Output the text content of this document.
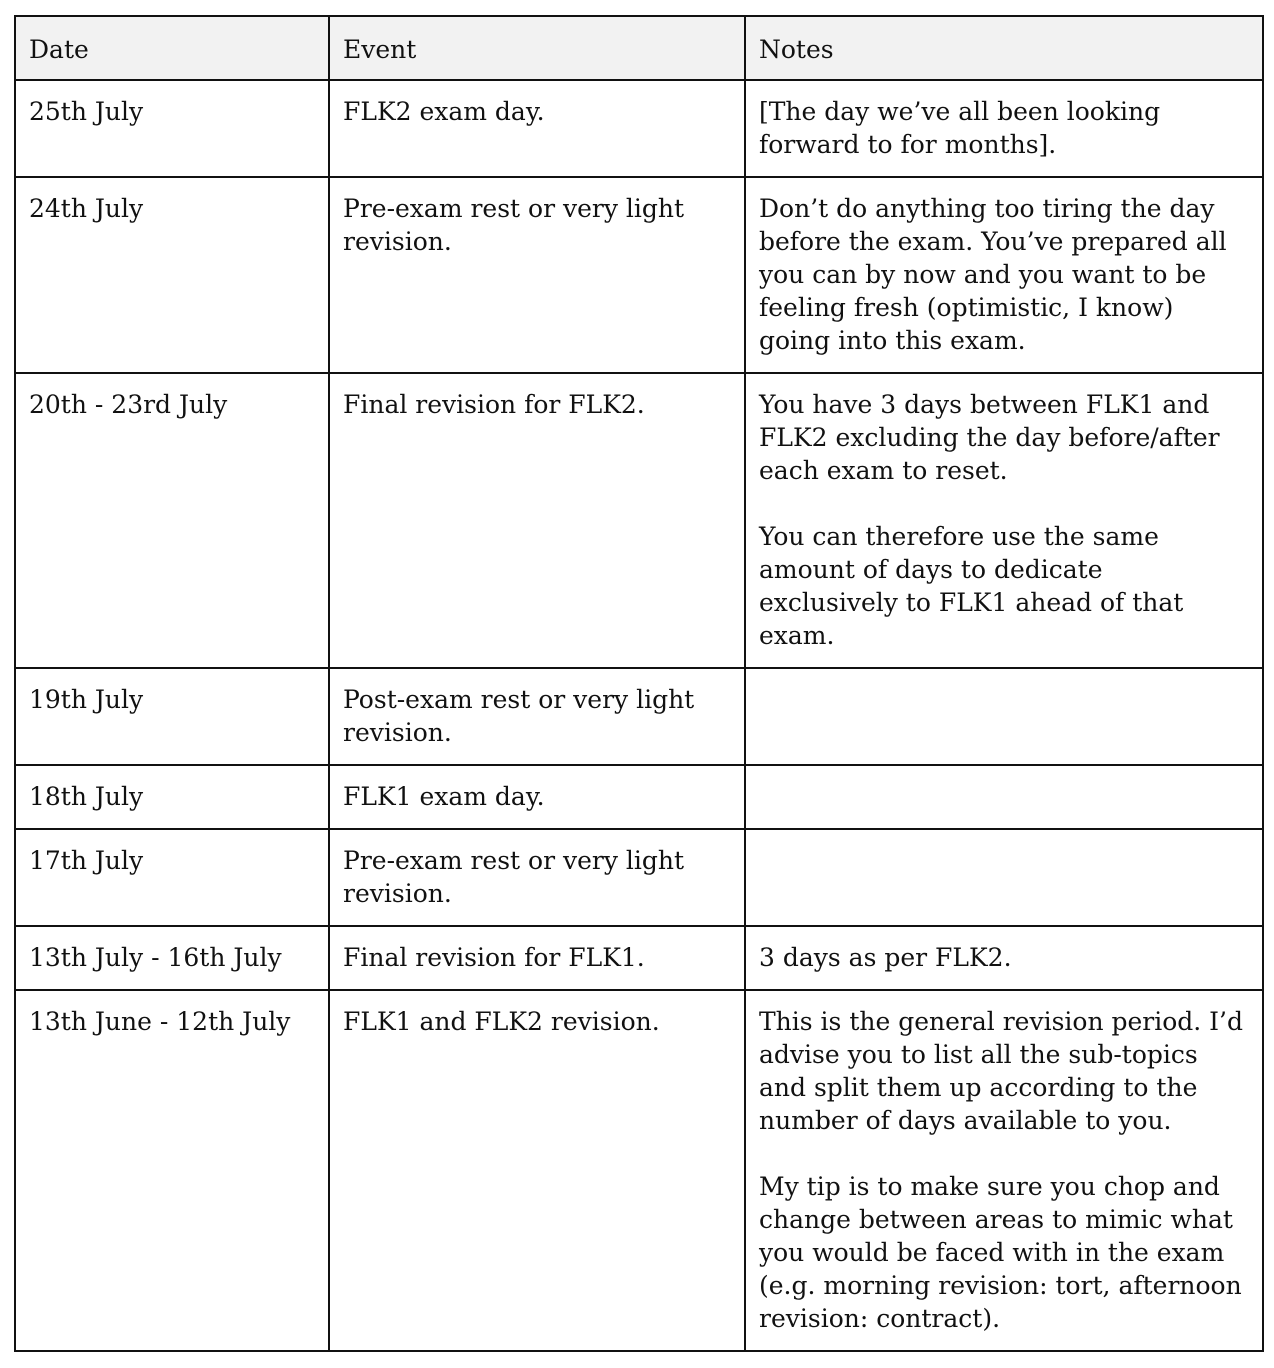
Date	Event	Notes
25th July	FLK2 exam day.	[The day we’ve all been looking forward to for months].

24th July	Pre-exam rest or very light revision.	Don’t do anything too tiring the day before the exam. You’ve prepared all you can by now and you want to be feeling fresh (optimistic, I know) going into this exam.

20th - 23rd July	Final revision for FLK2.	You have 3 days between FLK1 and FLK2 excluding the day before/after each exam to reset.
You can therefore use the same amount of days to dedicate exclusively to FLK1 ahead of that exam.

19th July	Post-exam rest or very light revision.	
18th July	FLK1 exam day.	
17th July	Pre-exam rest or very light revision.	
13th July - 16th July	Final revision for FLK1.	3 days as per FLK2.

13th June - 12th July	FLK1 and FLK2 revision.	This is the general revision period. I’d advise you to list all the sub-topics and split them up according to the number of days available to you.
My tip is to make sure you chop and change between areas to mimic what you would be faced with in the exam (e.g. morning revision: tort, afternoon revision: contract).
